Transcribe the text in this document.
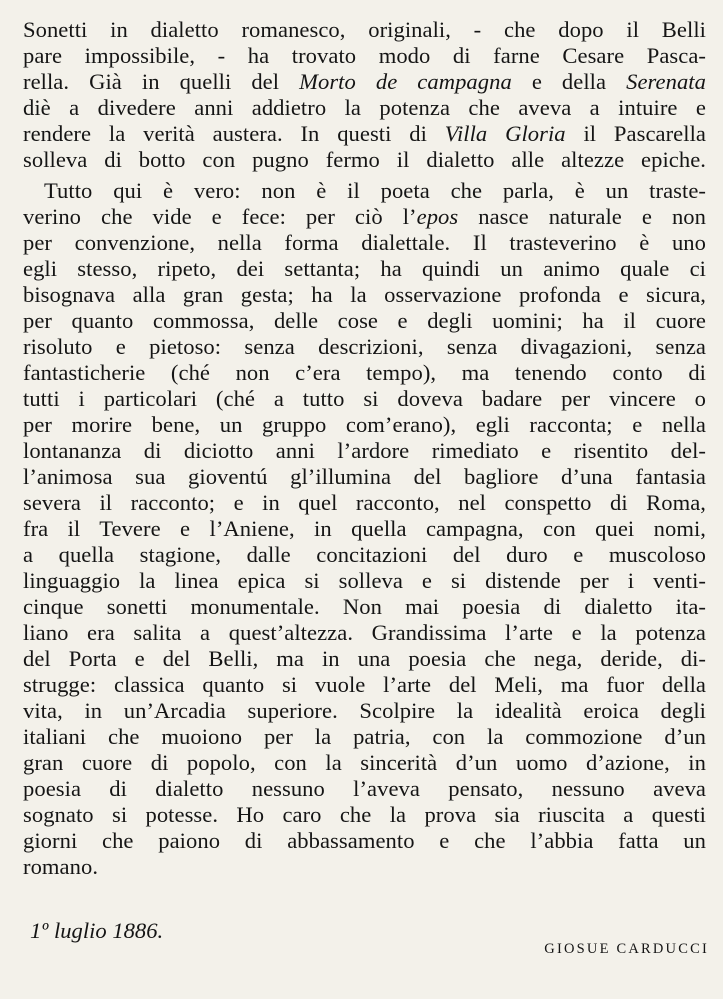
Sonetti in dialetto romanesco, originali, - che dopo il Belli
pare impossibile, - ha trovato modo di farne Cesare Pasca-
rella. Già in quelli del Morto de campagna e della Serenata
diè a divedere anni addietro la potenza che aveva a intuire e
rendere la verità austera. In questi di Villa Gloria il Pascarella
solleva di botto con pugno fermo il dialetto alle altezze epiche.
Tutto qui è vero: non è il poeta che parla, è un traste-
verino che vide e fece: per ciò l’epos nasce naturale e non
per convenzione, nella forma dialettale. Il trasteverino è uno
egli stesso, ripeto, dei settanta; ha quindi un animo quale ci
bisognava alla gran gesta; ha la osservazione profonda e sicura,
per quanto commossa, delle cose e degli uomini; ha il cuore
risoluto e pietoso: senza descrizioni, senza divagazioni, senza
fantasticherie (ché non c’era tempo), ma tenendo conto di
tutti i particolari (ché a tutto si doveva badare per vincere o
per morire bene, un gruppo com’erano), egli racconta; e nella
lontananza di diciotto anni l’ardore rimediato e risentito del-
l’animosa sua gioventú gl’illumina del bagliore d’una fantasia
severa il racconto; e in quel racconto, nel conspetto di Roma,
fra il Tevere e l’Aniene, in quella campagna, con quei nomi,
a quella stagione, dalle concitazioni del duro e muscoloso
linguaggio la linea epica si solleva e si distende per i venti-
cinque sonetti monumentale. Non mai poesia di dialetto ita-
liano era salita a quest’altezza. Grandissima l’arte e la potenza
del Porta e del Belli, ma in una poesia che nega, deride, di-
strugge: classica quanto si vuole l’arte del Meli, ma fuor della
vita, in un’Arcadia superiore. Scolpire la idealità eroica degli
italiani che muoiono per la patria, con la commozione d’un
gran cuore di popolo, con la sincerità d’un uomo d’azione, in
poesia di dialetto nessuno l’aveva pensato, nessuno aveva
sognato si potesse. Ho caro che la prova sia riuscita a questi
giorni che paiono di abbassamento e che l’abbia fatta un
romano.
1º luglio 1886.
GIOSUE CARDUCCI
